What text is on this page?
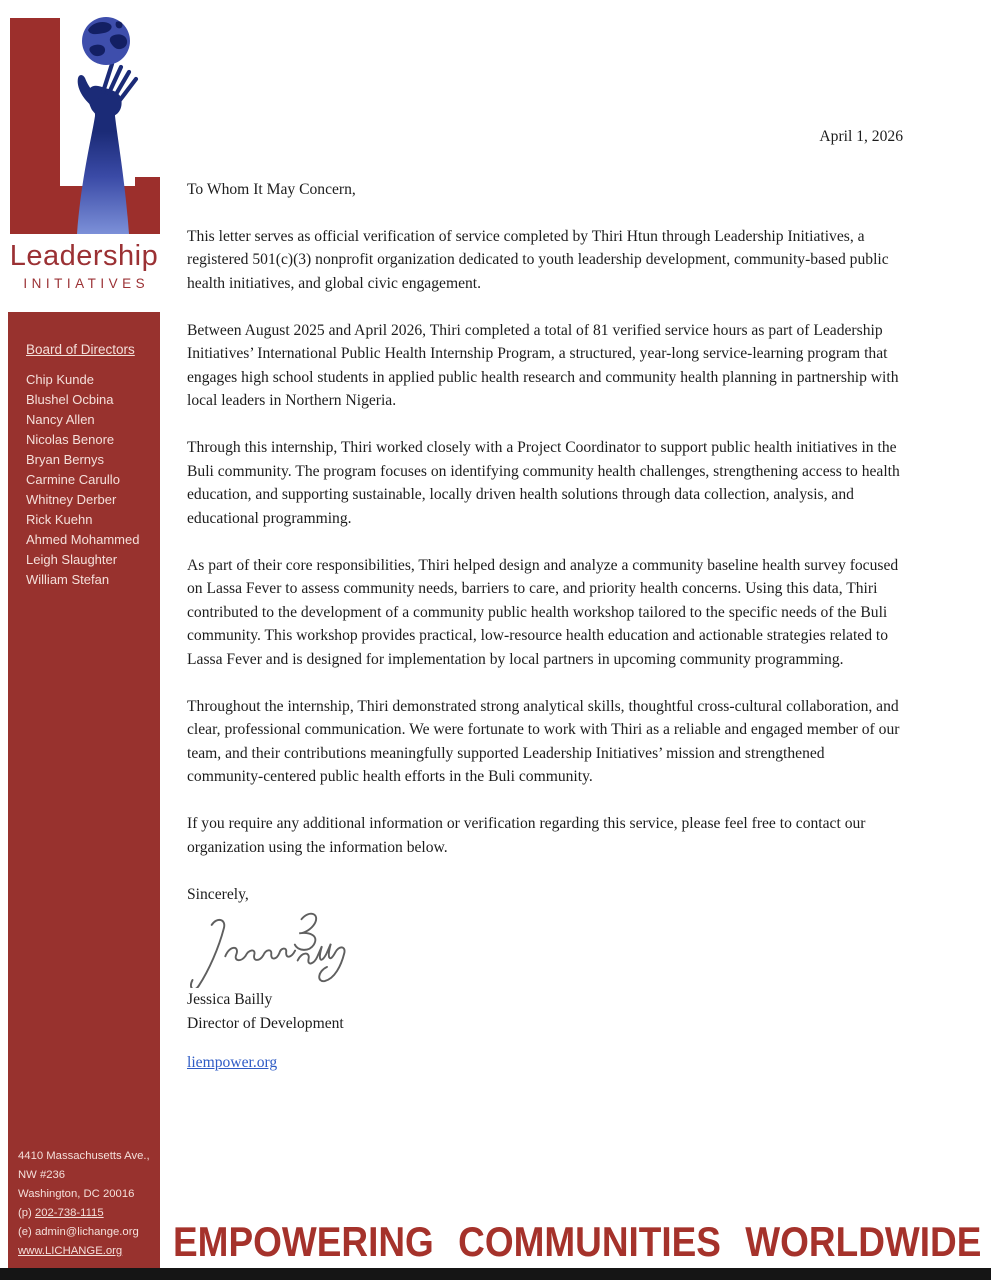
Leadership
INITIATIVES
Board of Directors
Chip Kunde
Blushel Ocbina
Nancy Allen
Nicolas Benore
Bryan Bernys
Carmine Carullo
Whitney Derber
Rick Kuehn
Ahmed Mohammed
Leigh Slaughter
William Stefan
4410 Massachusetts Ave.,
NW #236
Washington, DC 20016
(p) 202-738-1115
(e) admin@lichange.org
www.LICHANGE.org

April 1, 2026

To Whom It May Concern,

This letter serves as official verification of service completed by Thiri Htun through Leadership Initiatives, a registered 501(c)(3) nonprofit organization dedicated to youth leadership development, community-based public health initiatives, and global civic engagement.

Between August 2025 and April 2026, Thiri completed a total of 81 verified service hours as part of Leadership Initiatives’ International Public Health Internship Program, a structured, year-long service-learning program that engages high school students in applied public health research and community health planning in partnership with local leaders in Northern Nigeria.

Through this internship, Thiri worked closely with a Project Coordinator to support public health initiatives in the Buli community. The program focuses on identifying community health challenges, strengthening access to health education, and supporting sustainable, locally driven health solutions through data collection, analysis, and educational programming.

As part of their core responsibilities, Thiri helped design and analyze a community baseline health survey focused on Lassa Fever to assess community needs, barriers to care, and priority health concerns. Using this data, Thiri contributed to the development of a community public health workshop tailored to the specific needs of the Buli community. This workshop provides practical, low-resource health education and actionable strategies related to Lassa Fever and is designed for implementation by local partners in upcoming community programming.

Throughout the internship, Thiri demonstrated strong analytical skills, thoughtful cross-cultural collaboration, and clear, professional communication. We were fortunate to work with Thiri as a reliable and engaged member of our team, and their contributions meaningfully supported Leadership Initiatives’ mission and strengthened community-centered public health efforts in the Buli community.

If you require any additional information or verification regarding this service, please feel free to contact our organization using the information below.

Sincerely,

Jessica Bailly

Director of Development

liempower.org

EMPOWERING COMMUNITIES WORLDWIDE
